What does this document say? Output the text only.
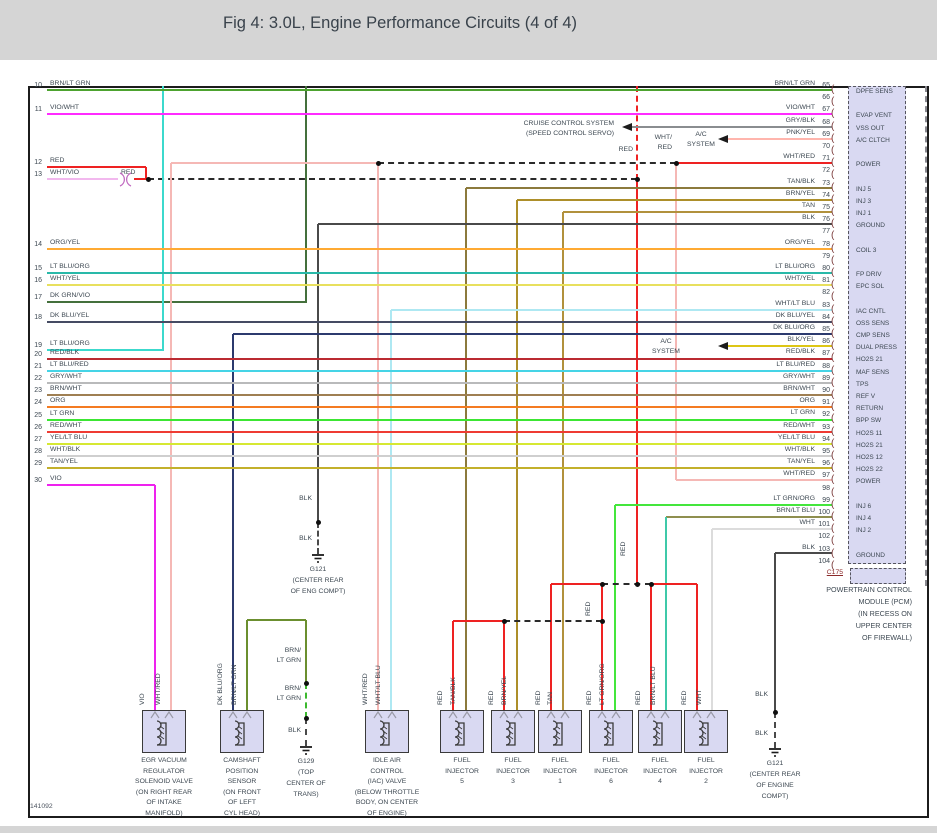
Fig 4: 3.0L, Engine Performance Circuits (4 of 4)
10 BRN/LT GRN
11 VIO/WHT
12 RED
13 WHT/VIO
14 ORG/YEL
15 LT BLU/ORG
16 WHT/YEL
17 DK GRN/VIO
18 DK BLU/YEL
19 LT BLU/ORG
20 RED/BLK
21 LT BLU/RED
22 GRY/WHT
23 BRN/WHT
24 ORG
25 LT GRN
26 RED/WHT
27 YEL/LT BLU
28 WHT/BLK
29 TAN/YEL
30 VIO
65 (
BRN/LT GRN
DPFE SENS
66 (
67 (
VIO/WHT
EVAP VENT
68 (
GRY/BLK
VSS OUT
69 (
PNK/YEL
A/C CLTCH
70 (
71 (
WHT/RED
POWER
72 (
73 (
TAN/BLK
INJ 5
74 (
BRN/YEL
INJ 3
75 (
TAN
INJ 1
76 (
BLK
GROUND
77 (
78 (
ORG/YEL
COIL 3
79 (
80 (
LT BLU/ORG
FP DRIV
81 (
WHT/YEL
EPC SOL
82 (
83 (
WHT/LT BLU
IAC CNTL
84 (
DK BLU/YEL
OSS SENS
85 (
DK BLU/ORG
CMP SENS
86 (
BLK/YEL
DUAL PRESS
87 (
RED/BLK
HO2S 21
88 (
LT BLU/RED
MAF SENS
89 (
GRY/WHT
TPS
90 (
BRN/WHT
REF V
91 (
ORG
RETURN
92 (
LT GRN
BPP SW
93 (
RED/WHT
HO2S 11
94 (
YEL/LT BLU
HO2S 21
95 (
WHT/BLK
HO2S 12
96 (
TAN/YEL
HO2S 22
97 (
WHT/RED
POWER
98 (
99 (
LT GRN/ORG
INJ 6
100 (
BRN/LT BLU
INJ 4
101 (
WHT
INJ 2
102 (
103 (
BLK
GROUND
104 (
POWERTRAIN CONTROL
MODULE (PCM)
(IN RECESS ON
UPPER CENTER
OF FIREWALL)
CRUISE CONTROL SYSTEM
(SPEED CONTROL SERVO)	A/C
SYSTEM
A/C
SYSTEM
RED
WHT/
RED
RED
BLK
BLK
BRN/
LT GRN
BRN/
LT GRN
BLK
BLK
BLK
C175
141092
RED
RED
VIO WHT/RED
EGR VACUUM
REGULATOR
SOLENOID VALVE
(ON RIGHT REAR
OF INTAKE
MANIFOLD)
DK BLU/ORG BRN/LT GRN
CAMSHAFT
POSITION
SENSOR
(ON FRONT
OF LEFT
CYL HEAD)
WHT/RED WHT/LT BLU
IDLE AIR
CONTROL
(IAC) VALVE
(BELOW THROTTLE
BODY, ON CENTER
OF ENGINE)
RED TAN/BLK
FUEL
INJECTOR
5
RED BRN/YEL
FUEL
INJECTOR
3
RED TAN
FUEL
INJECTOR
1
RED LT GRN/ORG
FUEL
INJECTOR
6
RED BRN/LT BLU
FUEL
INJECTOR
4
RED WHT
FUEL
INJECTOR
2
G121
(CENTER REAR
OF ENG COMPT)
G129
(TOP
CENTER OF
TRANS)
G121
(CENTER REAR
OF ENGINE
COMPT)
